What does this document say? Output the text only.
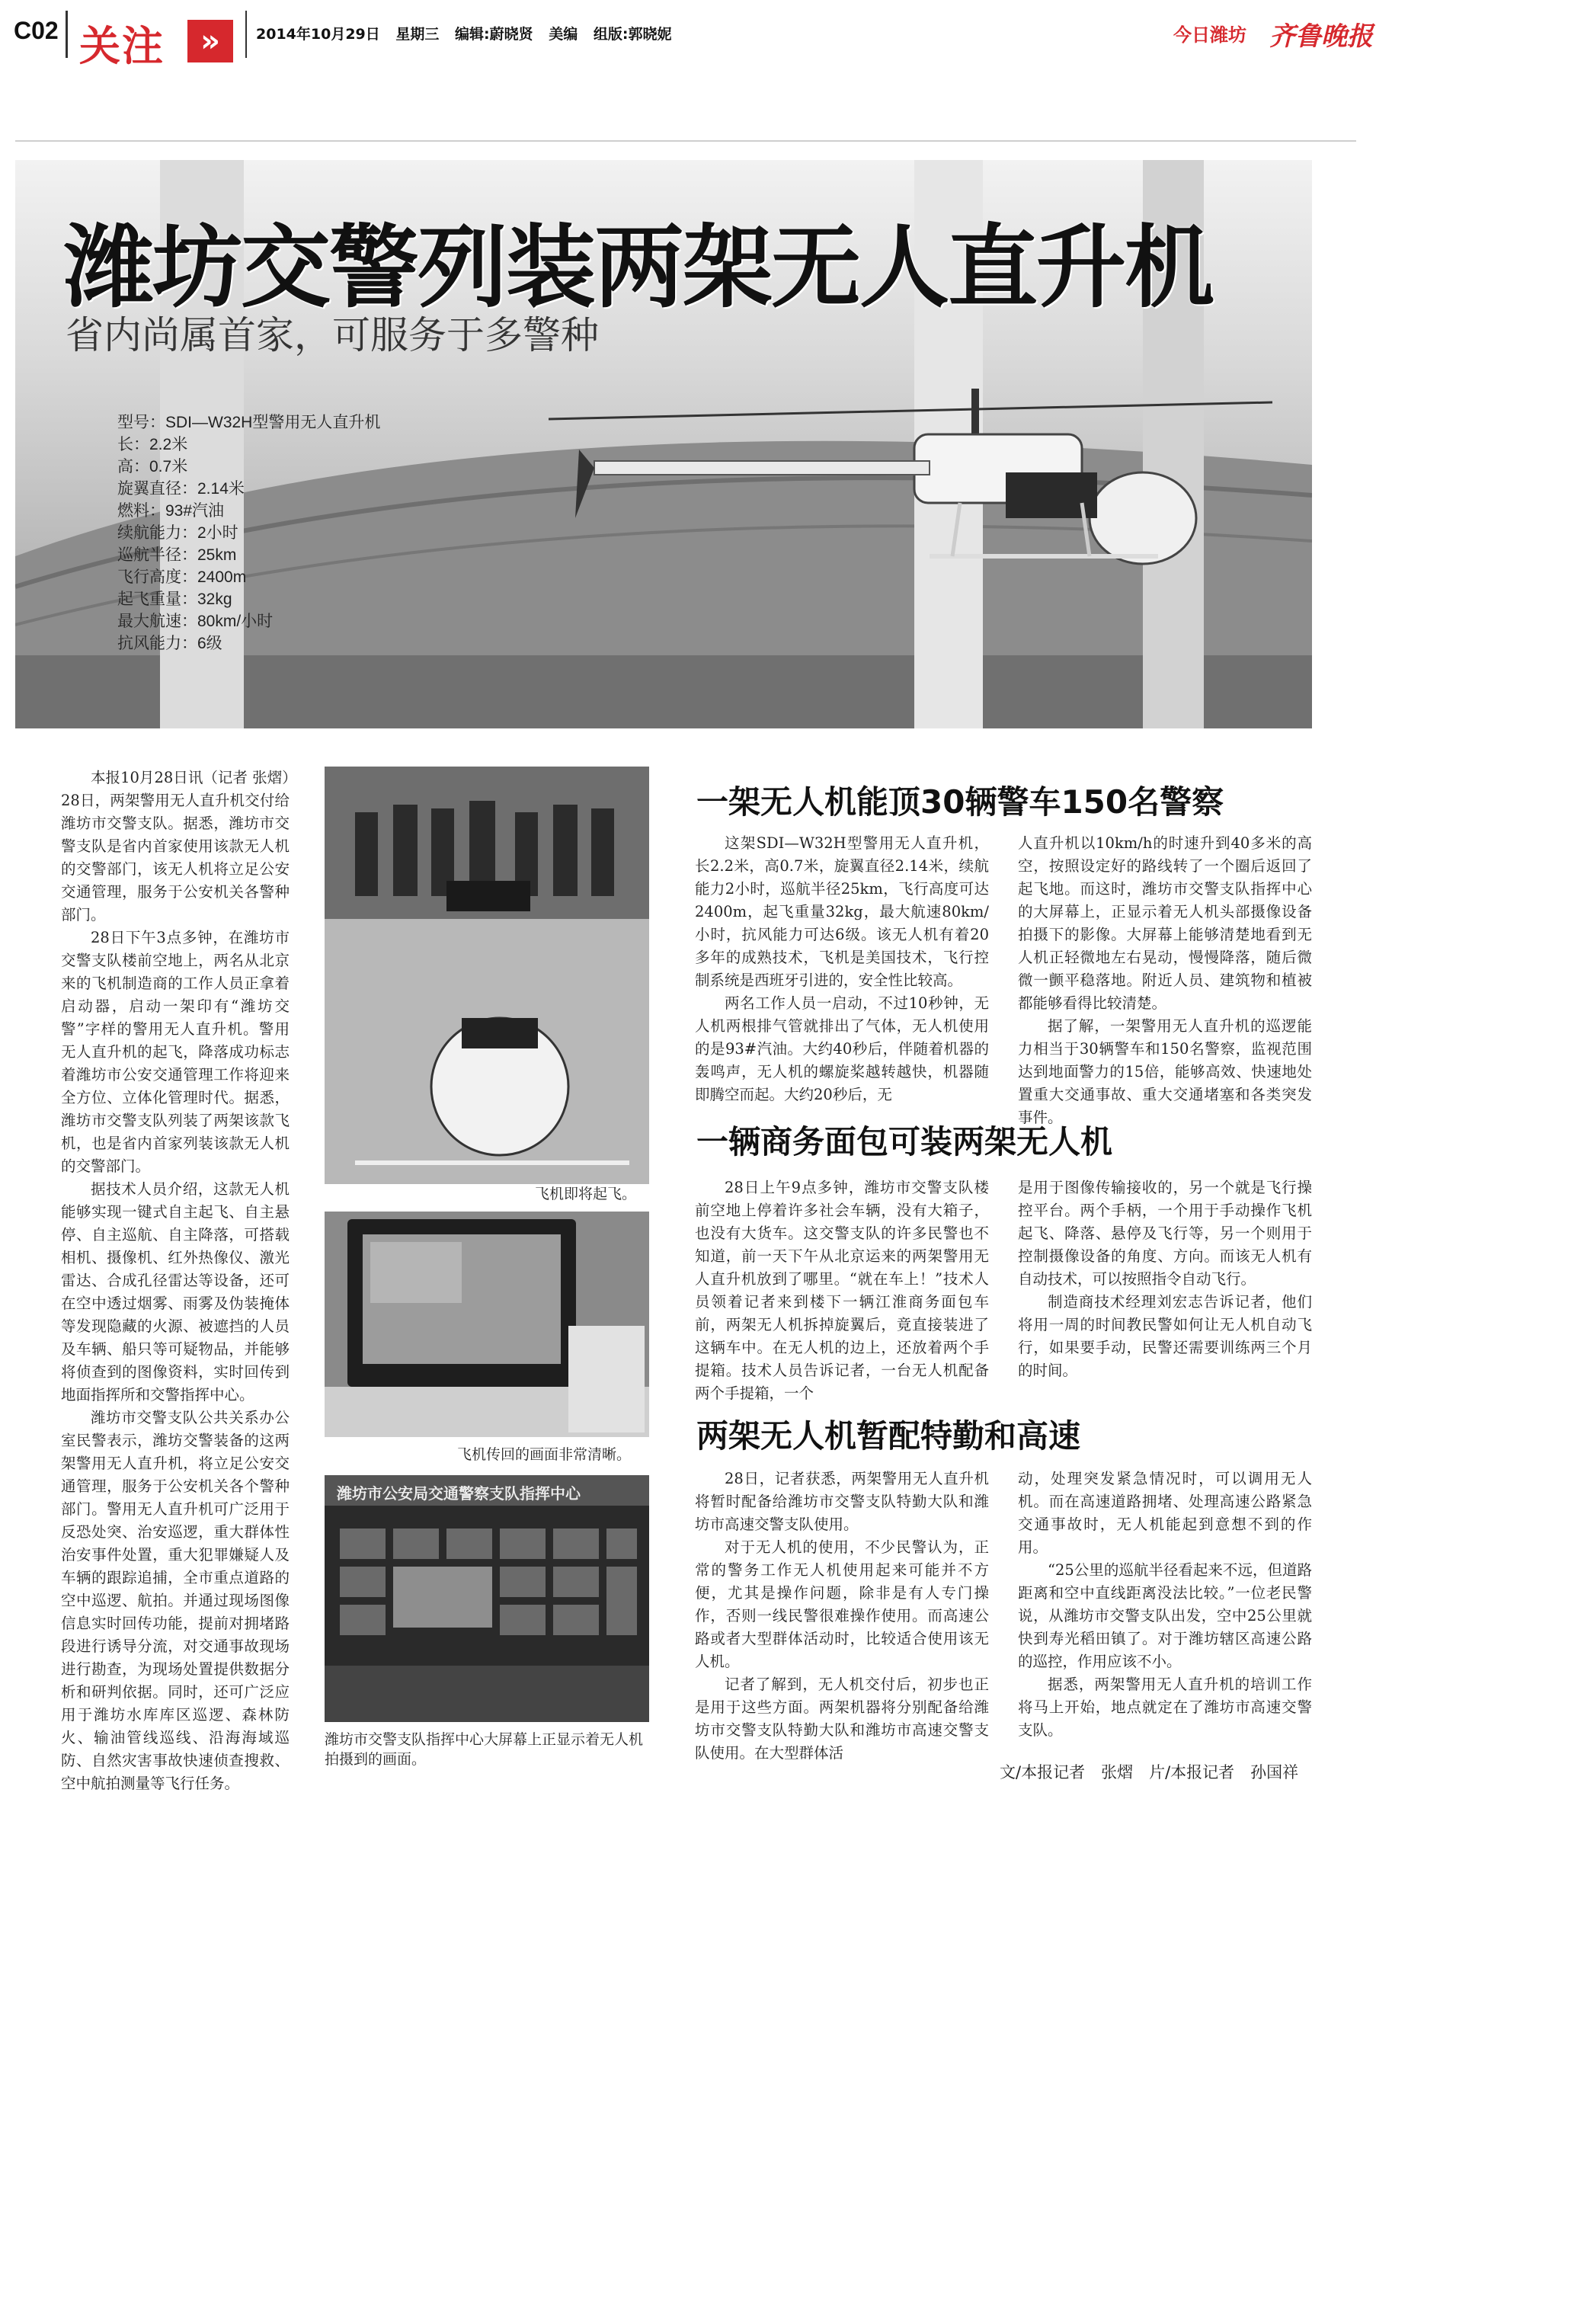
C02 关注	»	2014年10月29日 星期三 编辑:蔚晓贤 美编 组版:郭晓妮	今日潍坊 齐鲁晚报
潍坊交警列装两架无人直升机
省内尚属首家，可服务于多警种
型号：SDI—W32H型警用无人直升机
长：2.2米
高：0.7米
旋翼直径：2.14米
燃料：93#汽油
续航能力：2小时
巡航半径：25km
飞行高度：2400m
起飞重量：32kg
最大航速：80km/小时
抗风能力：6级

本报10月28日讯（记者 张熠）28日，两架警用无人直升机交付给潍坊市交警支队。据悉，潍坊市交警支队是省内首家使用该款无人机的交警部门，该无人机将立足公安交通管理，服务于公安机关各警种部门。

28日下午3点多钟，在潍坊市交警支队楼前空地上，两名从北京来的飞机制造商的工作人员正拿着启动器，启动一架印有“潍坊交警”字样的警用无人直升机。警用无人直升机的起飞，降落成功标志着潍坊市公安交通管理工作将迎来全方位、立体化管理时代。据悉，潍坊市交警支队列装了两架该款飞机，也是省内首家列装该款无人机的交警部门。

据技术人员介绍，这款无人机能够实现一键式自主起飞、自主悬停、自主巡航、自主降落，可搭载相机、摄像机、红外热像仪、激光雷达、合成孔径雷达等设备，还可在空中透过烟雾、雨雾及伪装掩体等发现隐藏的火源、被遮挡的人员及车辆、船只等可疑物品，并能够将侦查到的图像资料，实时回传到地面指挥所和交警指挥中心。

潍坊市交警支队公共关系办公室民警表示，潍坊交警装备的这两架警用无人直升机，将立足公安交通管理，服务于公安机关各个警种部门。警用无人直升机可广泛用于反恐处突、治安巡逻，重大群体性治安事件处置，重大犯罪嫌疑人及车辆的跟踪追捕，全市重点道路的空中巡逻、航拍。并通过现场图像信息实时回传功能，提前对拥堵路段进行诱导分流，对交通事故现场进行勘查，为现场处置提供数据分析和研判依据。同时，还可广泛应用于潍坊水库库区巡逻、森林防火、输油管线巡线、沿海海域巡防、自然灾害事故快速侦查搜救、空中航拍测量等飞行任务。

飞机即将起飞。
飞机传回的画面非常清晰。
潍坊市公安局交通警察支队指挥中心
潍坊市交警支队指挥中心大屏幕上正显示着无人机拍摄到的画面。
一架无人机能顶30辆警车150名警察

这架SDI—W32H型警用无人直升机，长2.2米，高0.7米，旋翼直径2.14米，续航能力2小时，巡航半径25km，飞行高度可达2400m，起飞重量32kg，最大航速80km/小时，抗风能力可达6级。该无人机有着20多年的成熟技术，飞机是美国技术，飞行控制系统是西班牙引进的，安全性比较高。

两名工作人员一启动，不过10秒钟，无人机两根排气管就排出了气体，无人机使用的是93#汽油。大约40秒后，伴随着机器的轰鸣声，无人机的螺旋桨越转越快，机器随即腾空而起。大约20秒后，无

人直升机以10km/h的时速升到40多米的高空，按照设定好的路线转了一个圈后返回了起飞地。而这时，潍坊市交警支队指挥中心的大屏幕上，正显示着无人机头部摄像设备拍摄下的影像。大屏幕上能够清楚地看到无人机正轻微地左右晃动，慢慢降落，随后微微一颤平稳落地。附近人员、建筑物和植被都能够看得比较清楚。

据了解，一架警用无人直升机的巡逻能力相当于30辆警车和150名警察，监视范围达到地面警力的15倍，能够高效、快速地处置重大交通事故、重大交通堵塞和各类突发事件。

一辆商务面包可装两架无人机

28日上午9点多钟，潍坊市交警支队楼前空地上停着许多社会车辆，没有大箱子，也没有大货车。这交警支队的许多民警也不知道，前一天下午从北京运来的两架警用无人直升机放到了哪里。“就在车上！”技术人员领着记者来到楼下一辆江淮商务面包车前，两架无人机拆掉旋翼后，竟直接装进了这辆车中。在无人机的边上，还放着两个手提箱。技术人员告诉记者，一台无人机配备两个手提箱，一个

是用于图像传输接收的，另一个就是飞行操控平台。两个手柄，一个用于手动操作飞机起飞、降落、悬停及飞行等，另一个则用于控制摄像设备的角度、方向。而该无人机有自动技术，可以按照指令自动飞行。

制造商技术经理刘宏志告诉记者，他们将用一周的时间教民警如何让无人机自动飞行，如果要手动，民警还需要训练两三个月的时间。

两架无人机暂配特勤和高速

28日，记者获悉，两架警用无人直升机将暂时配备给潍坊市交警支队特勤大队和潍坊市高速交警支队使用。

对于无人机的使用，不少民警认为，正常的警务工作无人机使用起来可能并不方便，尤其是操作问题，除非是有人专门操作，否则一线民警很难操作使用。而高速公路或者大型群体活动时，比较适合使用该无人机。

记者了解到，无人机交付后，初步也正是用于这些方面。两架机器将分别配备给潍坊市交警支队特勤大队和潍坊市高速交警支队使用。在大型群体活

动，处理突发紧急情况时，可以调用无人机。而在高速道路拥堵、处理高速公路紧急交通事故时，无人机能起到意想不到的作用。

“25公里的巡航半径看起来不远，但道路距离和空中直线距离没法比较。”一位老民警说，从潍坊市交警支队出发，空中25公里就快到寿光稻田镇了。对于潍坊辖区高速公路的巡控，作用应该不小。

据悉，两架警用无人直升机的培训工作将马上开始，地点就定在了潍坊市高速交警支队。

文/本报记者　张熠　片/本报记者　孙国祥
